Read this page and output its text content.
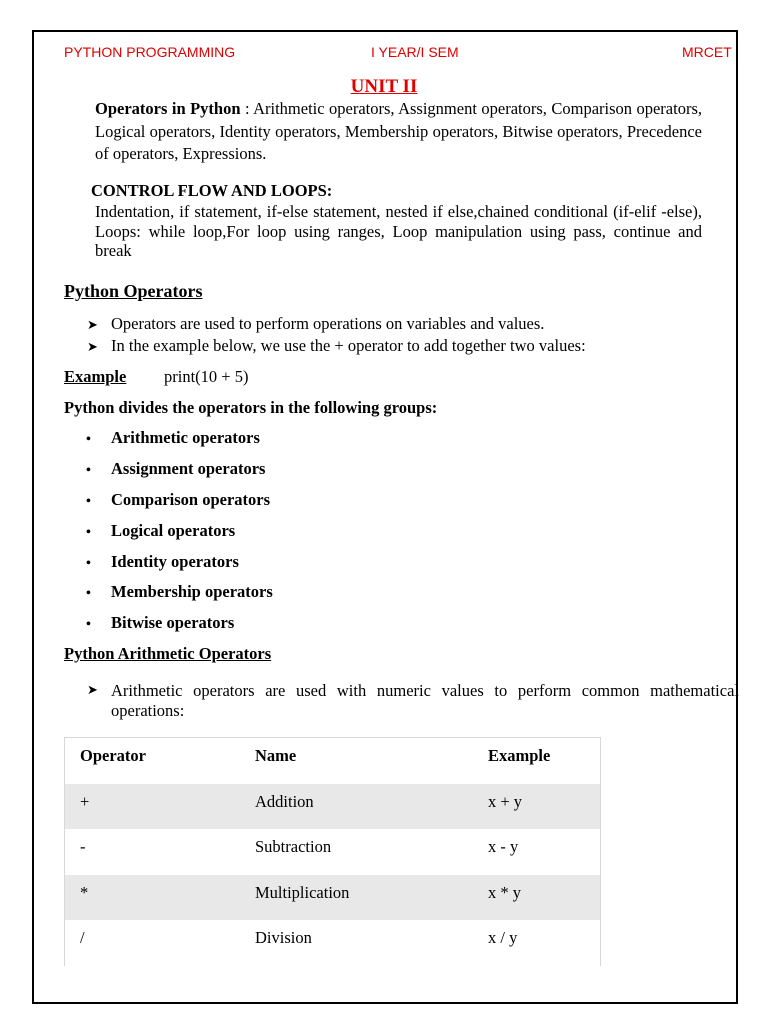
PYTHON PROGRAMMING	I YEAR/I SEM	MRCET
UNIT II
Operators in Python : Arithmetic operators, Assignment operators, Comparison operators, Logical operators, Identity operators, Membership operators, Bitwise operators, Precedence of operators, Expressions.
CONTROL FLOW AND LOOPS:
Indentation, if statement, if-else statement, nested if else,chained conditional (if-elif -else), Loops: while loop,For loop using ranges, Loop manipulation using pass, continue and break
Python Operators
➤ Operators are used to perform operations on variables and values.
➤ In the example below, we use the + operator to add together two values:
Example print(10 + 5)
Python divides the operators in the following groups:
• Arithmetic operators
• Assignment operators
• Comparison operators
• Logical operators
• Identity operators
• Membership operators
• Bitwise operators
Python Arithmetic Operators
➤ Arithmetic operators are used with numeric values to perform common mathematical operations:
Operator	Name	Example
+	Addition	x + y
-	Subtraction	x - y
*	Multiplication	x * y
/	Division	x / y
